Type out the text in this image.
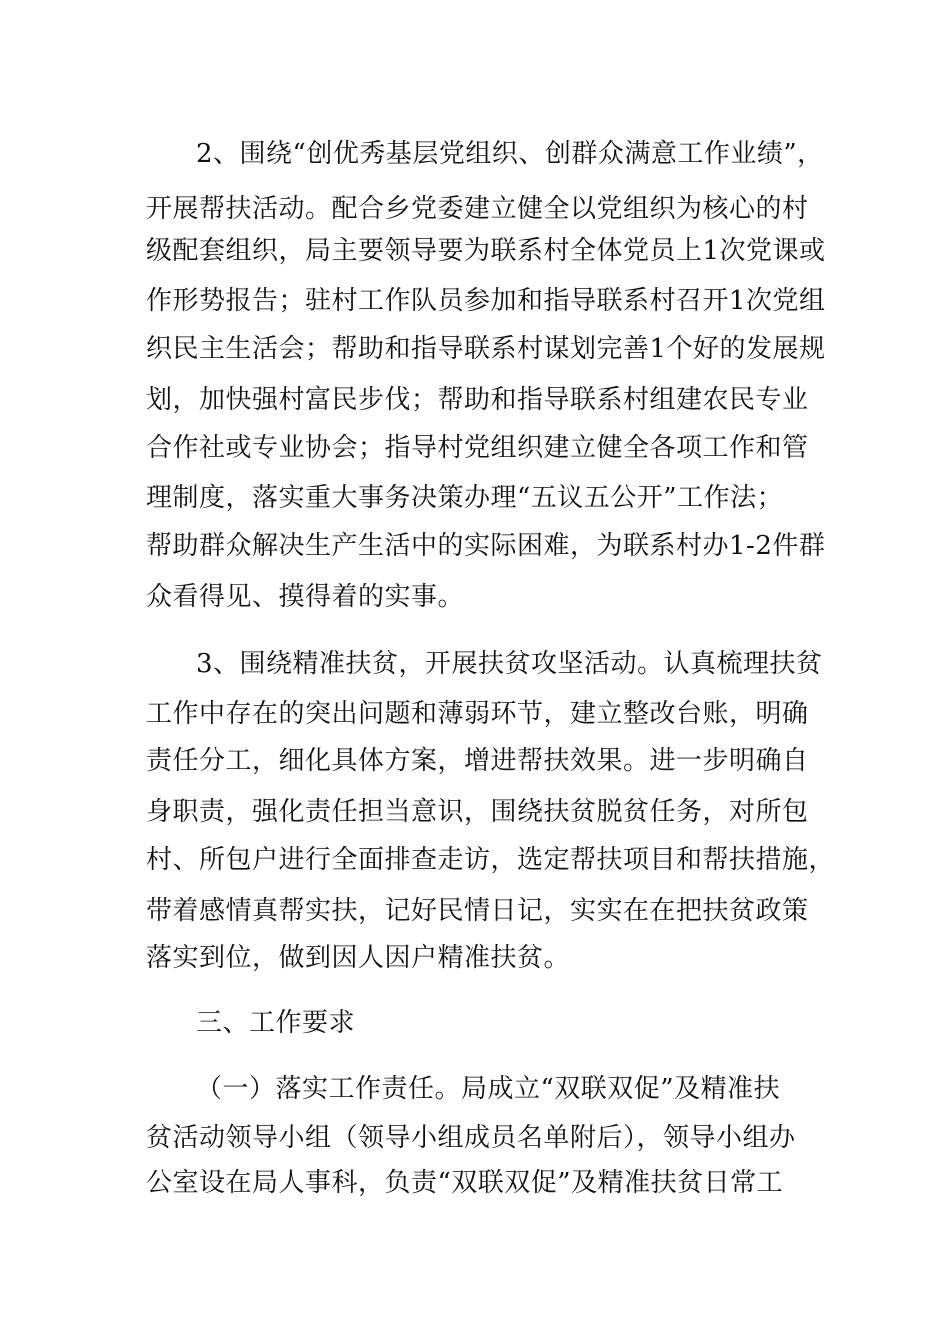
2、围绕“创优秀基层党组织、创群众满意工作业绩”，
开展帮扶活动。配合乡党委建立健全以党组织为核心的村
级配套组织，局主要领导要为联系村全体党员上1次党课或
作形势报告；驻村工作队员参加和指导联系村召开1次党组
织民主生活会；帮助和指导联系村谋划完善1个好的发展规
划，加快强村富民步伐；帮助和指导联系村组建农民专业
合作社或专业协会；指导村党组织建立健全各项工作和管
理制度，落实重大事务决策办理“五议五公开”工作法；
帮助群众解决生产生活中的实际困难，为联系村办1-2件群
众看得见、摸得着的实事。
3、围绕精准扶贫，开展扶贫攻坚活动。认真梳理扶贫
工作中存在的突出问题和薄弱环节，建立整改台账，明确
责任分工，细化具体方案，增进帮扶效果。进一步明确自
身职责，强化责任担当意识，围绕扶贫脱贫任务，对所包
村、所包户进行全面排查走访，选定帮扶项目和帮扶措施，
带着感情真帮实扶，记好民情日记，实实在在把扶贫政策
落实到位，做到因人因户精准扶贫。
三、工作要求
（一）落实工作责任。局成立“双联双促”及精准扶
贫活动领导小组（领导小组成员名单附后），领导小组办
公室设在局人事科，负责“双联双促”及精准扶贫日常工
